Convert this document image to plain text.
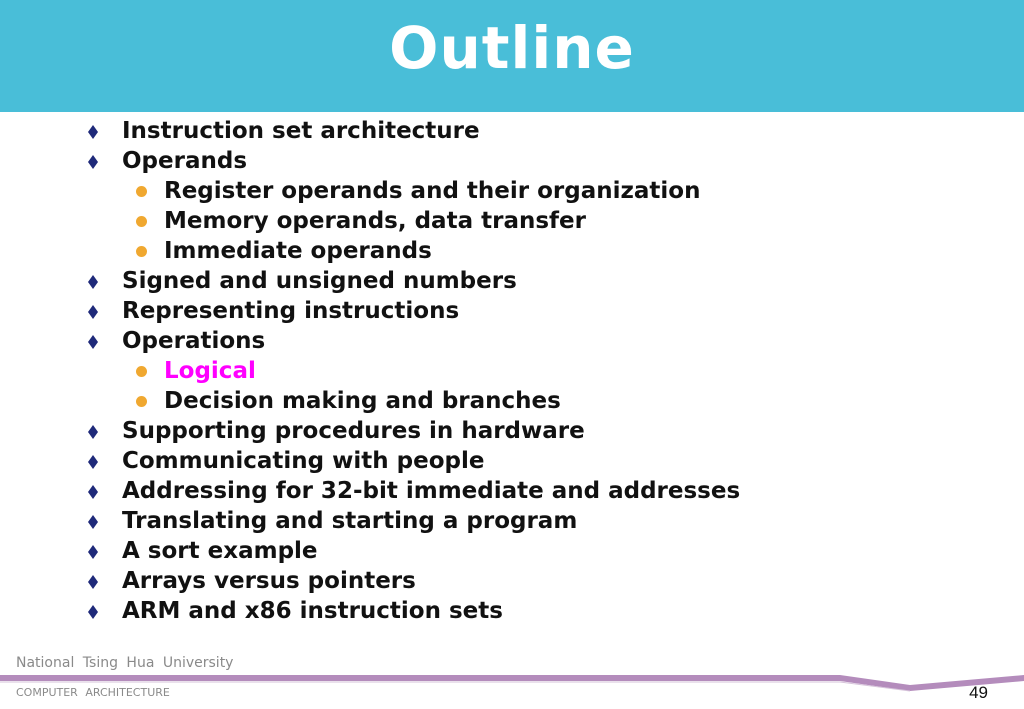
Outline
Instruction set architecture
Operands
Register operands and their organization
Memory operands, data transfer
Immediate operands
Signed and unsigned numbers
Representing instructions
Operations
Logical
Decision making and branches
Supporting procedures in hardware
Communicating with people
Addressing for 32-bit immediate and addresses
Translating and starting a program
A sort example
Arrays versus pointers
ARM and x86 instruction sets
National Tsing Hua University
COMPUTER ARCHITECTURE	49
